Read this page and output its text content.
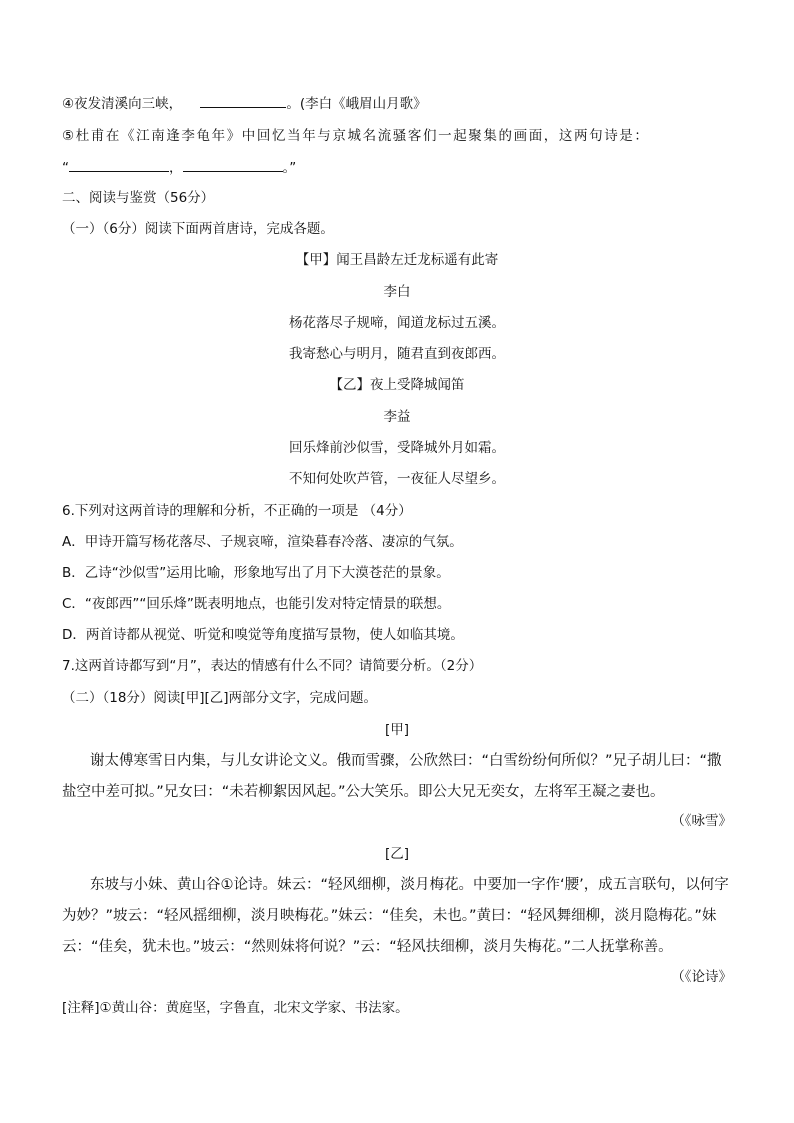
④夜发清溪向三峡，	。(李白《峨眉山月歌》
⑤杜甫在《江南逢李龟年》中回忆当年与京城名流骚客们一起聚集的画面，这两句诗是：
“	，	。”
二、阅读与鉴赏（56分）
（一）（6分）阅读下面两首唐诗，完成各题。
【甲】闻王昌龄左迁龙标遥有此寄
李白
杨花落尽子规啼，闻道龙标过五溪。
我寄愁心与明月，随君直到夜郎西。
【乙】夜上受降城闻笛
李益
回乐烽前沙似雪，受降城外月如霜。
不知何处吹芦管，一夜征人尽望乡。
6.下列对这两首诗的理解和分析，不正确的一项是 （4分）
A．甲诗开篇写杨花落尽、子规哀啼，渲染暮春冷落、凄凉的气氛。
B．乙诗“沙似雪”运用比喻，形象地写出了月下大漠苍茫的景象。
C．“夜郎西”“回乐烽”既表明地点，也能引发对特定情景的联想。
D．两首诗都从视觉、听觉和嗅觉等角度描写景物，使人如临其境。
7.这两首诗都写到“月”，表达的情感有什么不同？请简要分析。（2分）
（二）（18分）阅读[甲][乙]两部分文字，完成问题。
[甲]
谢太傅寒雪日内集，与儿女讲论文义。俄而雪骤，公欣然曰：“白雪纷纷何所似？”兄子胡儿曰：“撒盐空中差可拟。”兄女曰：“未若柳絮因风起。”公大笑乐。即公大兄无奕女，左将军王凝之妻也。
（《咏雪》
[乙]
东坡与小妹、黄山谷①论诗。妹云：“轻风细柳，淡月梅花。中要加一字作‘腰’，成五言联句，以何字为妙？”坡云：“轻风摇细柳，淡月映梅花。”妹云：“佳矣，未也。”黄曰：“轻风舞细柳，淡月隐梅花。”妹云：“佳矣，犹未也。”坡云：“然则妹将何说？”云：“轻风扶细柳，淡月失梅花。”二人抚掌称善。
（《论诗》
[注释]①黄山谷：黄庭坚，字鲁直，北宋文学家、书法家。
